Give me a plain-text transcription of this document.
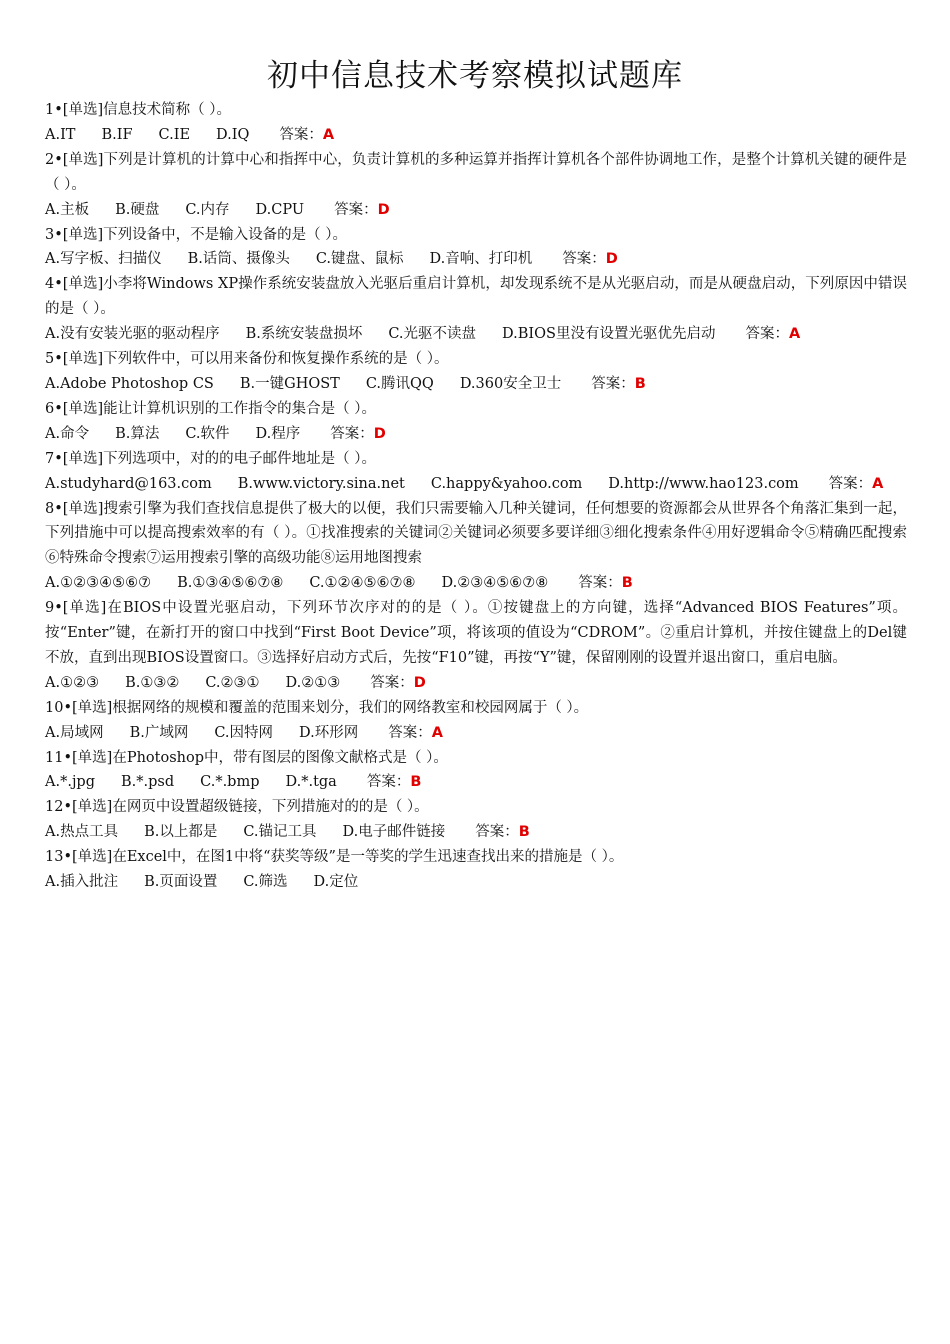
初中信息技术考察模拟试题库
1•[单选]信息技术简称（ ）。
A.IT B.IF C.IE D.IQ 答案：A
2•[单选]下列是计算机的计算中心和指挥中心，负责计算机的多种运算并指挥计算机各个部件协调地工作，是整个计算机关键的硬件是（ ）。
A.主板 B.硬盘 C.内存 D.CPU 答案：D
3•[单选]下列设备中，不是输入设备的是（ ）。
A.写字板、扫描仪 B.话筒、摄像头 C.键盘、鼠标 D.音响、打印机 答案：D
4•[单选]小李将Windows XP操作系统安装盘放入光驱后重启计算机，却发现系统不是从光驱启动，而是从硬盘启动，下列原因中错误的是（ ）。
A.没有安装光驱的驱动程序 B.系统安装盘损坏 C.光驱不读盘 D.BIOS里没有设置光驱优先启动 答案：A
5•[单选]下列软件中，可以用来备份和恢复操作系统的是（ ）。
A.Adobe Photoshop CS B.一键GHOST C.腾讯QQ D.360安全卫士 答案：B
6•[单选]能让计算机识别的工作指令的集合是（ ）。
A.命令 B.算法 C.软件 D.程序 答案：D
7•[单选]下列选项中，对的的电子邮件地址是（ ）。
A.studyhard@163.com B.www.victory.sina.net C.happy&yahoo.com D.http://www.hao123.com 答案：A
8•[单选]搜索引擎为我们查找信息提供了极大的以便，我们只需要输入几种关键词，任何想要的资源都会从世界各个角落汇集到一起，下列措施中可以提高搜索效率的有（ ）。①找准搜索的关键词②关键词必须要多要详细③细化搜索条件④用好逻辑命令⑤精确匹配搜索⑥特殊命令搜索⑦运用搜索引擎的高级功能⑧运用地图搜索
A.①②③④⑤⑥⑦ B.①③④⑤⑥⑦⑧ C.①②④⑤⑥⑦⑧ D.②③④⑤⑥⑦⑧ 答案：B
9•[单选]在BIOS中设置光驱启动，下列环节次序对的的是（ ）。①按键盘上的方向键，选择“Advanced BIOS Features”项。按“Enter”键，在新打开的窗口中找到“First Boot Device”项，将该项的值设为“CDROM”。②重启计算机，并按住键盘上的Del键不放，直到出现BIOS设置窗口。③选择好启动方式后，先按“F10”键，再按“Y”键，保留刚刚的设置并退出窗口，重启电脑。
A.①②③ B.①③② C.②③① D.②①③ 答案：D
10•[单选]根据网络的规模和覆盖的范围来划分，我们的网络教室和校园网属于（ ）。
A.局域网 B.广域网 C.因特网 D.环形网 答案：A
11•[单选]在Photoshop中，带有图层的图像文献格式是（ ）。
A.*.jpg B.*.psd C.*.bmp D.*.tga 答案：B
12•[单选]在网页中设置超级链接，下列措施对的的是（ ）。
A.热点工具 B.以上都是 C.锚记工具 D.电子邮件链接 答案：B
13•[单选]在Excel中，在图1中将“获奖等级”是一等奖的学生迅速查找出来的措施是（ ）。
A.插入批注 B.页面设置 C.筛选 D.定位
